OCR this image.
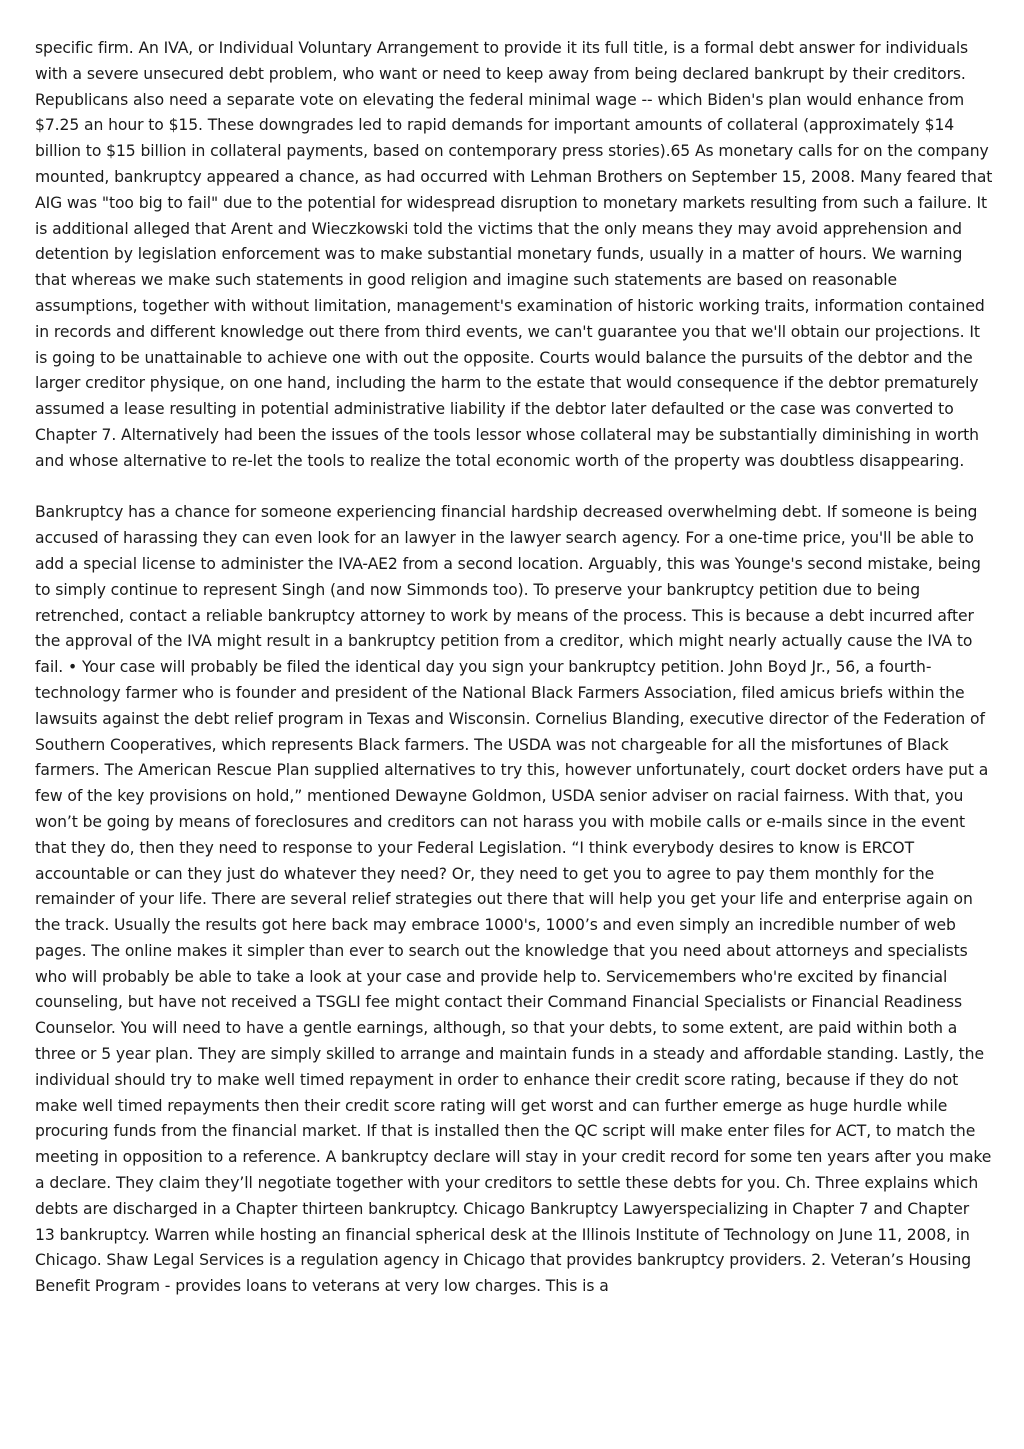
specific firm. An IVA, or Individual Voluntary Arrangement to provide it its full title, is a formal debt answer for individuals with a severe unsecured debt problem, who want or need to keep away from being declared bankrupt by their creditors. Republicans also need a separate vote on elevating the federal minimal wage -- which Biden's plan would enhance from $7.25 an hour to $15. These downgrades led to rapid demands for important amounts of collateral (approximately $14 billion to $15 billion in collateral payments, based on contemporary press stories).65 As monetary calls for on the company mounted, bankruptcy appeared a chance, as had occurred with Lehman Brothers on September 15, 2008. Many feared that AIG was "too big to fail" due to the potential for widespread disruption to monetary markets resulting from such a failure. It is additional alleged that Arent and Wieczkowski told the victims that the only means they may avoid apprehension and detention by legislation enforcement was to make substantial monetary funds, usually in a matter of hours. We warning that whereas we make such statements in good religion and imagine such statements are based on reasonable assumptions, together with without limitation, management's examination of historic working traits, information contained in records and different knowledge out there from third events, we can't guarantee you that we'll obtain our projections. It is going to be unattainable to achieve one with out the opposite. Courts would balance the pursuits of the debtor and the larger creditor physique, on one hand, including the harm to the estate that would consequence if the debtor prematurely assumed a lease resulting in potential administrative liability if the debtor later defaulted or the case was converted to Chapter 7. Alternatively had been the issues of the tools lessor whose collateral may be substantially diminishing in worth and whose alternative to re-let the tools to realize the total economic worth of the property was doubtless disappearing.

Bankruptcy has a chance for someone experiencing financial hardship decreased overwhelming debt. If someone is being accused of harassing they can even look for an lawyer in the lawyer search agency. For a one-time price, you'll be able to add a special license to administer the IVA-AE2 from a second location. Arguably, this was Younge's second mistake, being to simply continue to represent Singh (and now Simmonds too). To preserve your bankruptcy petition due to being retrenched, contact a reliable bankruptcy attorney to work by means of the process. This is because a debt incurred after the approval of the IVA might result in a bankruptcy petition from a creditor, which might nearly actually cause the IVA to fail. • Your case will probably be filed the identical day you sign your bankruptcy petition. John Boyd Jr., 56, a fourth-technology farmer who is founder and president of the National Black Farmers Association, filed amicus briefs within the lawsuits against the debt relief program in Texas and Wisconsin. Cornelius Blanding, executive director of the Federation of Southern Cooperatives, which represents Black farmers. The USDA was not chargeable for all the misfortunes of Black farmers. The American Rescue Plan supplied alternatives to try this, however unfortunately, court docket orders have put a few of the key provisions on hold,” mentioned Dewayne Goldmon, USDA senior adviser on racial fairness. With that, you won’t be going by means of foreclosures and creditors can not harass you with mobile calls or e-mails since in the event that they do, then they need to response to your Federal Legislation. “I think everybody desires to know is ERCOT accountable or can they just do whatever they need? Or, they need to get you to agree to pay them monthly for the remainder of your life. There are several relief strategies out there that will help you get your life and enterprise again on the track. Usually the results got here back may embrace 1000's, 1000’s and even simply an incredible number of web pages. The online makes it simpler than ever to search out the knowledge that you need about attorneys and specialists who will probably be able to take a look at your case and provide help to. Servicemembers who're excited by financial counseling, but have not received a TSGLI fee might contact their Command Financial Specialists or Financial Readiness Counselor. You will need to have a gentle earnings, although, so that your debts, to some extent, are paid within both a three or 5 year plan. They are simply skilled to arrange and maintain funds in a steady and affordable standing. Lastly, the individual should try to make well timed repayment in order to enhance their credit score rating, because if they do not make well timed repayments then their credit score rating will get worst and can further emerge as huge hurdle while procuring funds from the financial market. If that is installed then the QC script will make enter files for ACT, to match the meeting in opposition to a reference. A bankruptcy declare will stay in your credit record for some ten years after you make a declare. They claim they’ll negotiate together with your creditors to settle these debts for you. Ch. Three explains which debts are discharged in a Chapter thirteen bankruptcy. Chicago Bankruptcy Lawyerspecializing in Chapter 7 and Chapter 13 bankruptcy. Warren while hosting an financial spherical desk at the Illinois Institute of Technology on June 11, 2008, in Chicago. Shaw Legal Services is a regulation agency in Chicago that provides bankruptcy providers. 2. Veteran’s Housing Benefit Program - provides loans to veterans at very low charges. This is a
